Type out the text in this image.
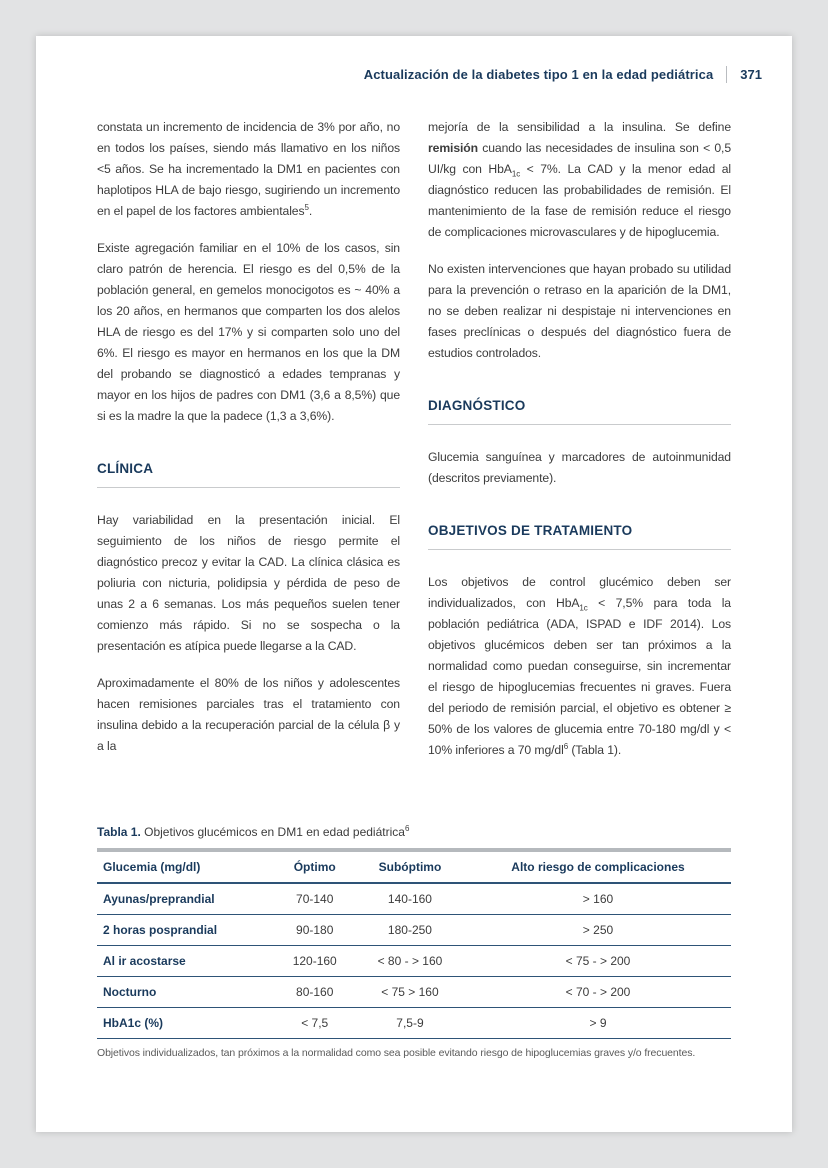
Actualización de la diabetes tipo 1 en la edad pediátrica 371

constata un incremento de incidencia de 3% por año, no en todos los países, siendo más llamativo en los niños <5 años. Se ha incrementado la DM1 en pacientes con haplotipos HLA de bajo riesgo, sugiriendo un incremento en el papel de los factores ambientales$^5$.

Existe agregación familiar en el 10% de los casos, sin claro patrón de herencia. El riesgo es del 0,5% de la población general, en gemelos monocigotos es ~ 40% a los 20 años, en hermanos que comparten los dos alelos HLA de riesgo es del 17% y si comparten solo uno del 6%. El riesgo es mayor en hermanos en los que la DM del probando se diagnosticó a edades tempranas y mayor en los hijos de padres con DM1 (3,6 a 8,5%) que si es la madre la que la padece (1,3 a 3,6%).

CLÍNICA

Hay variabilidad en la presentación inicial. El seguimiento de los niños de riesgo permite el diagnóstico precoz y evitar la CAD. La clínica clásica es poliuria con nicturia, polidipsia y pérdida de peso de unas 2 a 6 semanas. Los más pequeños suelen tener comienzo más rápido. Si no se sospecha o la presentación es atípica puede llegarse a la CAD.

Aproximadamente el 80% de los niños y adolescentes hacen remisiones parciales tras el tratamiento con insulina debido a la recuperación parcial de la célula β y a la

mejoría de la sensibilidad a la insulina. Se define remisión cuando las necesidades de insulina son < 0,5 UI/kg con HbA$_{1c}$ < 7%. La CAD y la menor edad al diagnóstico reducen las probabilidades de remisión. El mantenimiento de la fase de remisión reduce el riesgo de complicaciones microvasculares y de hipoglucemia.

No existen intervenciones que hayan probado su utilidad para la prevención o retraso en la aparición de la DM1, no se deben realizar ni despistaje ni intervenciones en fases preclínicas o después del diagnóstico fuera de estudios controlados.

DIAGNÓSTICO

Glucemia sanguínea y marcadores de autoinmunidad (descritos previamente).

OBJETIVOS DE TRATAMIENTO

Los objetivos de control glucémico deben ser individualizados, con HbA$_{1c}$ < 7,5% para toda la población pediátrica (ADA, ISPAD e IDF 2014). Los objetivos glucémicos deben ser tan próximos a la normalidad como puedan conseguirse, sin incrementar el riesgo de hipoglucemias frecuentes ni graves. Fuera del periodo de remisión parcial, el objetivo es obtener ≥ 50% de los valores de glucemia entre 70-180 mg/dl y < 10% inferiores a 70 $mg/dl^6$ (Tabla 1).

Tabla 1. Objetivos glucémicos en DM1 en edad pediátrica$^6$

Glucemia (mg/dl)	Óptimo	Subóptimo	Alto riesgo de complicaciones
Ayunas/preprandial	70-140	140-160	> 160
2 horas posprandial	90-180	180-250	> 250
Al ir acostarse	120-160	< 80 - > 160	< 75 - > 200
Nocturno	80-160	< 75 > 160	< 70 - > 200
HbA1c (%)	< 7,5	7,5-9	> 9

Objetivos individualizados, tan próximos a la normalidad como sea posible evitando riesgo de hipoglucemias graves y/o frecuentes.
